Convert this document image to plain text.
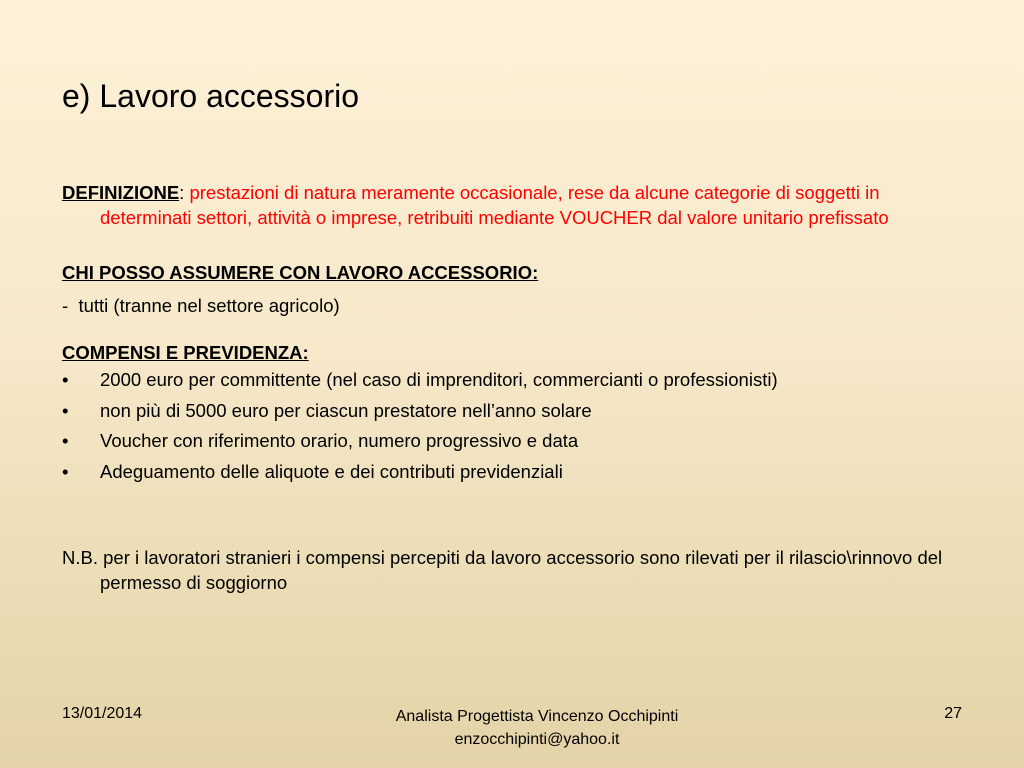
e) Lavoro accessorio

DEFINIZIONE: prestazioni di natura meramente occasionale, rese da alcune categorie di soggetti in determinati settori, attività o imprese, retribuiti mediante VOUCHER dal valore unitario prefissato

CHI POSSO ASSUMERE CON LAVORO ACCESSORIO:

- tutti (tranne nel settore agricolo)

COMPENSI E PREVIDENZA:

• 2000 euro per committente (nel caso di imprenditori, commercianti o professionisti)
• non più di 5000 euro per ciascun prestatore nell’anno solare
• Voucher con riferimento orario, numero progressivo e data
• Adeguamento delle aliquote e dei contributi previdenziali

N.B. per i lavoratori stranieri i compensi percepiti da lavoro accessorio sono rilevati per il rilascio\rinnovo del permesso di soggiorno

13/01/2014	Analista Progettista Vincenzo Occhipinti
enzocchipinti@yahoo.it
27
